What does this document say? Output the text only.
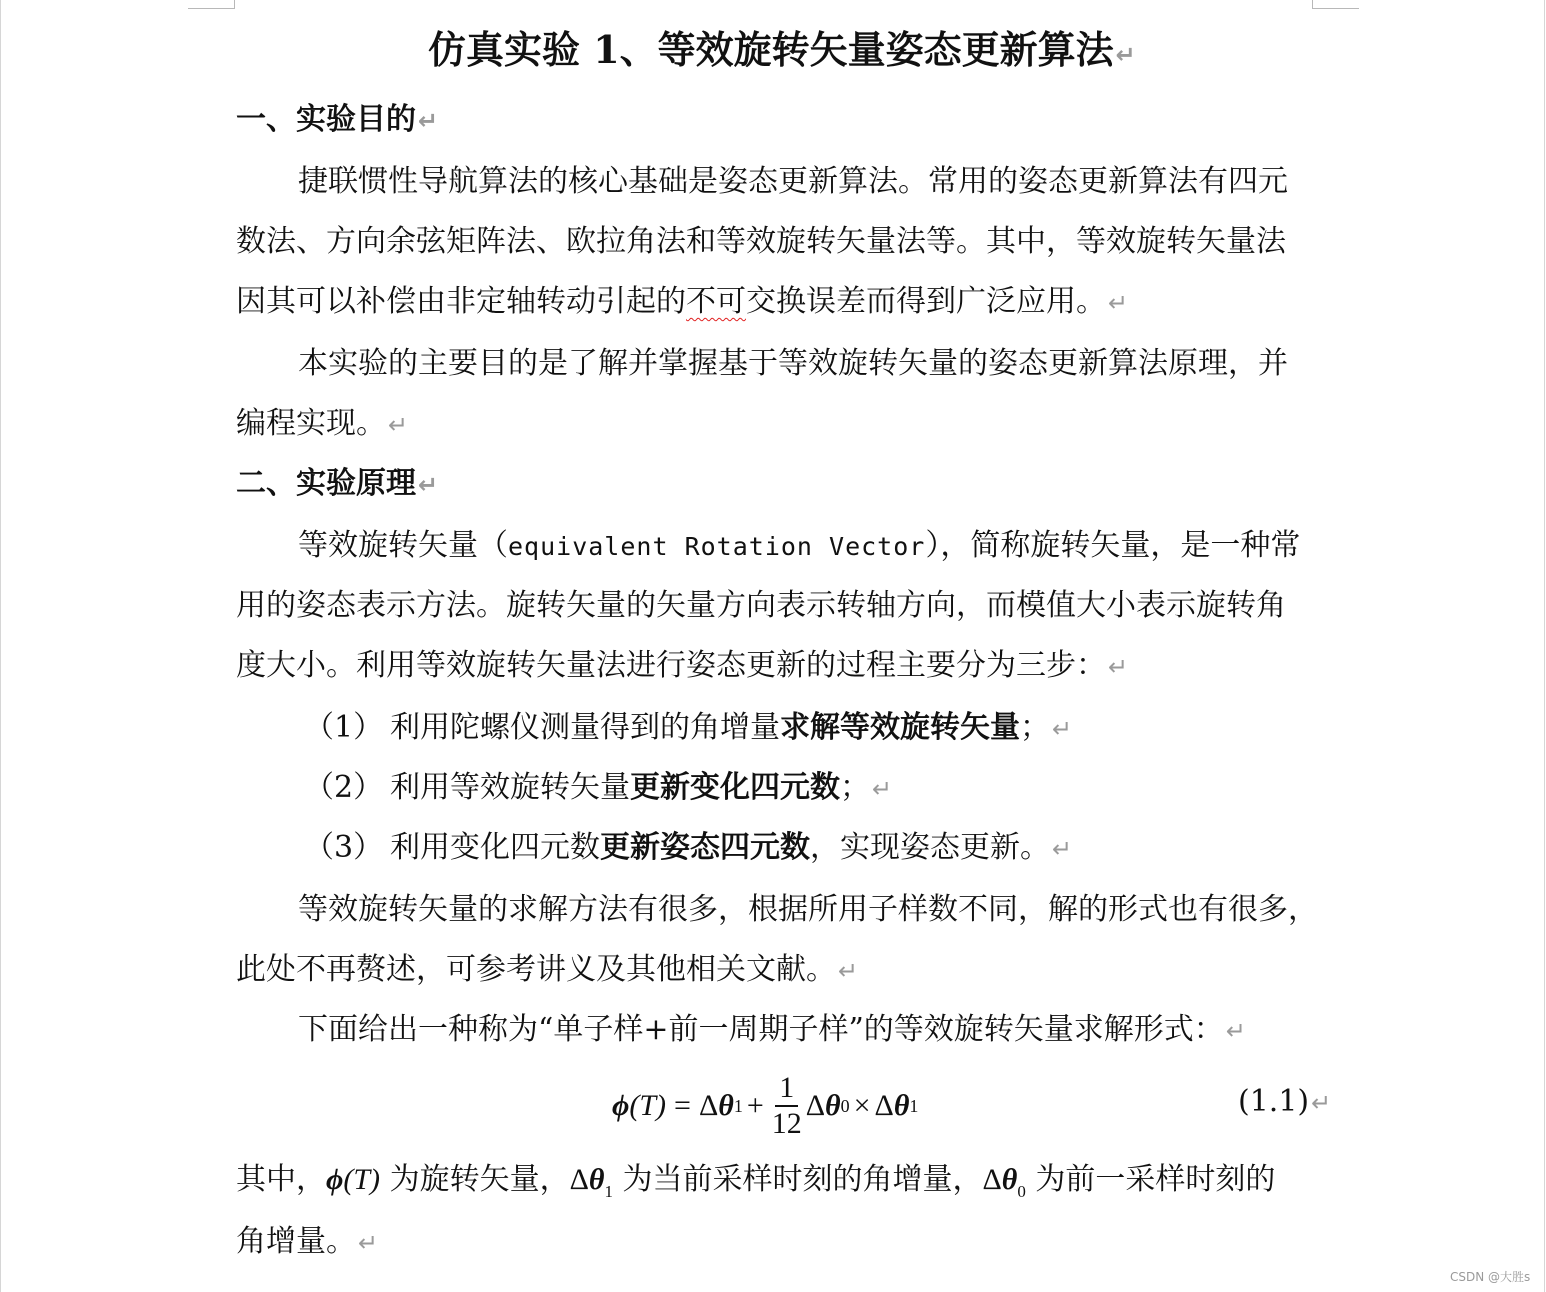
仿真实验 1、等效旋转矢量姿态更新算法↵
一、实验目的↵
捷联惯性导航算法的核心基础是姿态更新算法。常用的姿态更新算法有四元
数法、方向余弦矩阵法、欧拉角法和等效旋转矢量法等。其中，等效旋转矢量法
因其可以补偿由非定轴转动引起的不可交换误差而得到广泛应用。↵
本实验的主要目的是了解并掌握基于等效旋转矢量的姿态更新算法原理，并
编程实现。↵
二、实验原理↵
等效旋转矢量（equivalent Rotation Vector），简称旋转矢量，是一种常
用的姿态表示方法。旋转矢量的矢量方向表示转轴方向，而模值大小表示旋转角
度大小。利用等效旋转矢量法进行姿态更新的过程主要分为三步：↵
（1） 利用陀螺仪测量得到的角增量求解等效旋转矢量；↵
（2） 利用等效旋转矢量更新变化四元数；↵
（3） 利用变化四元数更新姿态四元数，实现姿态更新。↵
等效旋转矢量的求解方法有很多，根据所用子样数不同，解的形式也有很多，
此处不再赘述，可参考讲义及其他相关文献。↵
下面给出一种称为“单子样+前一周期子样”的等效旋转矢量求解形式：↵
ϕ (T) = Δ θ $1 + \frac{1}{12}$ Δ θ 0 × Δ θ 1	(1.1)↵
其中，ϕ(T) 为旋转矢量，$\Delta\theta_1$ 为当前采样时刻的角增量，$\Delta\theta_0$ 为前一采样时刻的
角增量。↵
CSDN @大胜s
